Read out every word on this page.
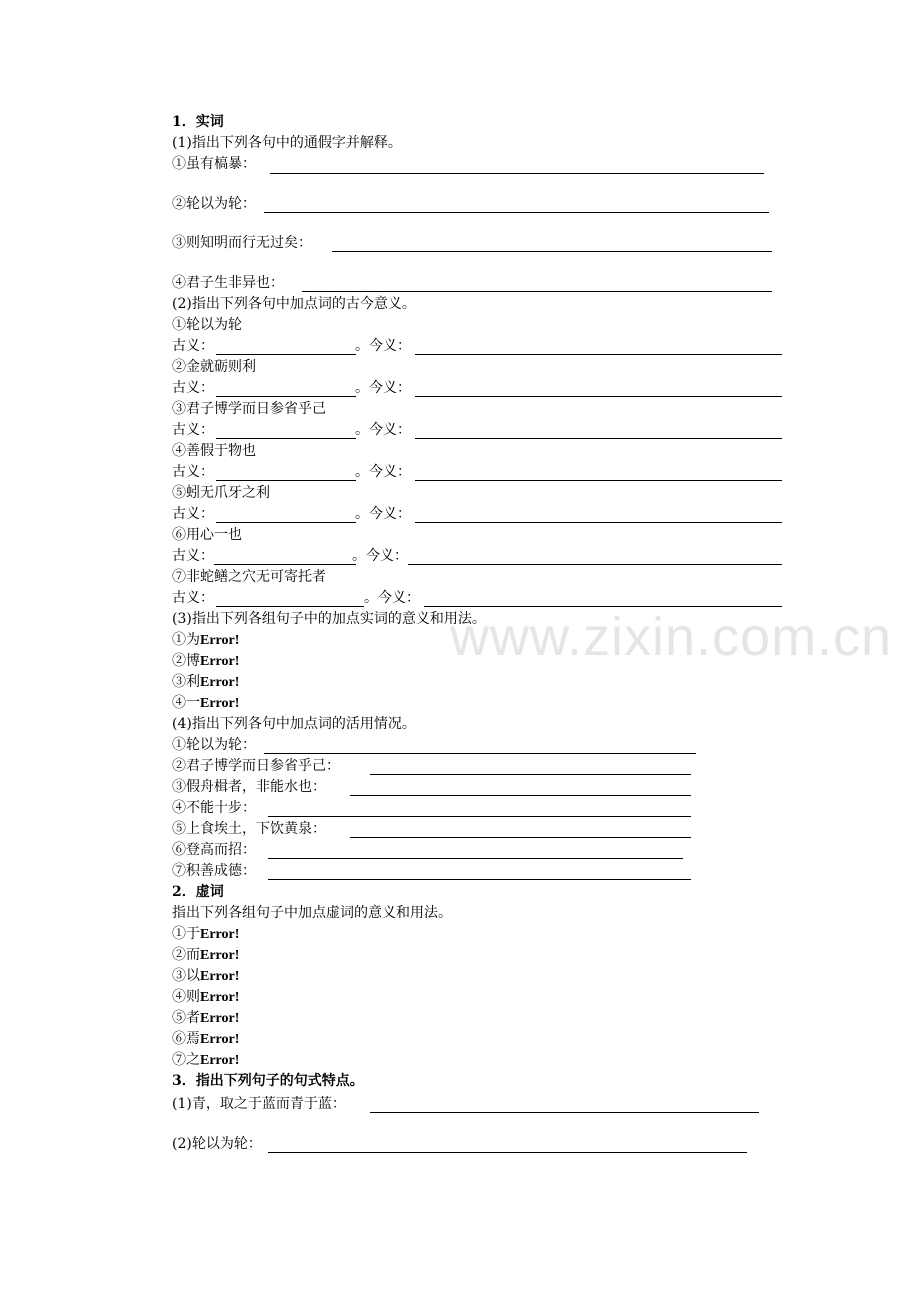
www.zixin.com.cn
1．实词
(1)指出下列各句中的通假字并解释。
①虽有槁暴：
②轮以为轮：
③则知明而行无过矣：
④君子生非异也：
(2)指出下列各句中加点词的古今意义。
①轮以为轮
古义：	。今义：
②金就砺则利
古义：	。今义：
③君子博学而日参省乎己
古义：	。今义：
④善假于物也
古义：	。今义：
⑤蚓无爪牙之利
古义：	。今义：
⑥用心一也
古义：	。今义：
⑦非蛇鳝之穴无可寄托者
古义：	。今义：
(3)指出下列各组句子中的加点实词的意义和用法。
①为Error!
②博Error!
③利Error!
④一Error!
(4)指出下列各句中加点词的活用情况。
①轮以为轮：
②君子博学而日参省乎己：
③假舟楫者，非能水也：
④不能十步：
⑤上食埃土，下饮黄泉：
⑥登高而招：
⑦积善成德：
2．虚词
指出下列各组句子中加点虚词的意义和用法。
①于Error!
②而Error!
③以Error!
④则Error!
⑤者Error!
⑥焉Error!
⑦之Error!
3．指出下列句子的句式特点。
(1)青，取之于蓝而青于蓝：
(2)轮以为轮：
